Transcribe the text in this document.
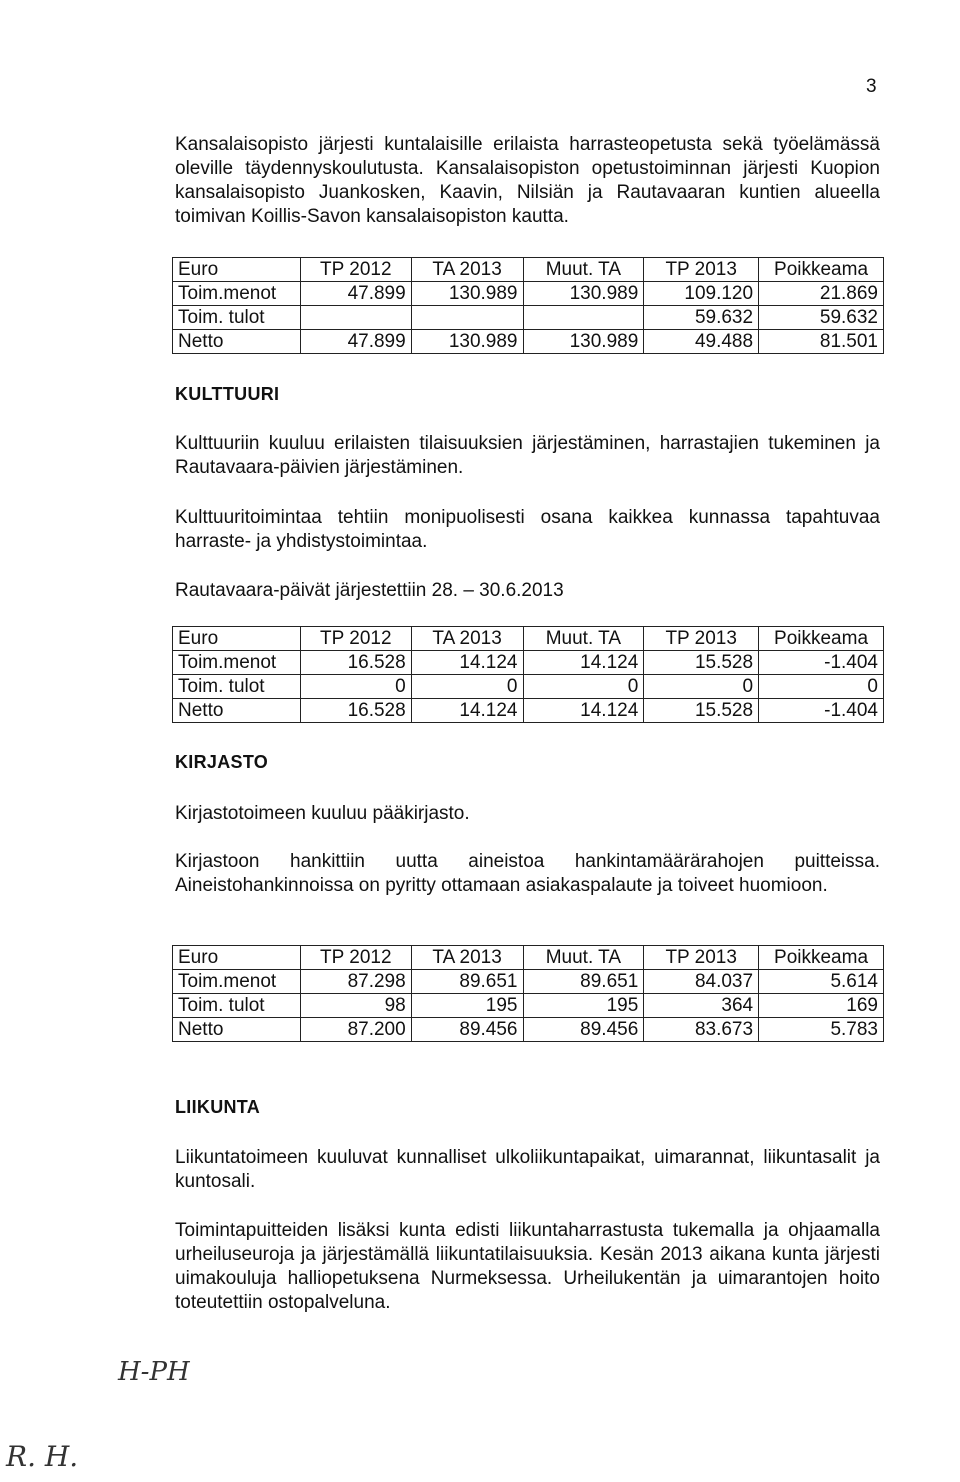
3

Kansalaisopisto järjesti kuntalaisille erilaista harrasteopetusta sekä työelämässä oleville täydennyskoulutusta. Kansalaisopiston opetustoiminnan järjesti Kuopion kansalaisopisto Juankosken, Kaavin, Nilsiän ja Rautavaaran kuntien alueella toimivan Koillis-Savon kansalaisopiston kautta.

Euro	TP 2012	TA 2013	Muut. TA	TP 2013	Poikkeama
Toim.menot	47.899	130.989	130.989	109.120	21.869
Toim. tulot				59.632	59.632
Netto	47.899	130.989	130.989	49.488	81.501
KULTTUURI

Kulttuuriin kuuluu erilaisten tilaisuuksien järjestäminen, harrastajien tukeminen ja Rautavaara-päivien järjestäminen.

Kulttuuritoimintaa tehtiin monipuolisesti osana kaikkea kunnassa tapahtuvaa harraste- ja yhdistystoimintaa.

Rautavaara-päivät järjestettiin 28. – 30.6.2013

Euro	TP 2012	TA 2013	Muut. TA	TP 2013	Poikkeama
Toim.menot	16.528	14.124	14.124	15.528	-1.404
Toim. tulot	0	0	0	0	0
Netto	16.528	14.124	14.124	15.528	-1.404
KIRJASTO

Kirjastotoimeen kuuluu pääkirjasto.

Kirjastoon hankittiin uutta aineistoa hankintamäärärahojen puitteissa. Aineistohankinnoissa on pyritty ottamaan asiakaspalaute ja toiveet huomioon.

Euro	TP 2012	TA 2013	Muut. TA	TP 2013	Poikkeama
Toim.menot	87.298	89.651	89.651	84.037	5.614
Toim. tulot	98	195	195	364	169
Netto	87.200	89.456	89.456	83.673	5.783
LIIKUNTA

Liikuntatoimeen kuuluvat kunnalliset ulkoliikuntapaikat, uimarannat, liikuntasalit ja kuntosali.

Toimintapuitteiden lisäksi kunta edisti liikuntaharrastusta tukemalla ja ohjaamalla urheiluseuroja ja järjestämällä liikuntatilaisuuksia. Kesän 2013 aikana kunta järjesti uimakouluja halliopetuksena Nurmeksessa. Urheilukentän ja uimarantojen hoito toteutettiin ostopalveluna.

H-PH
R. H.
